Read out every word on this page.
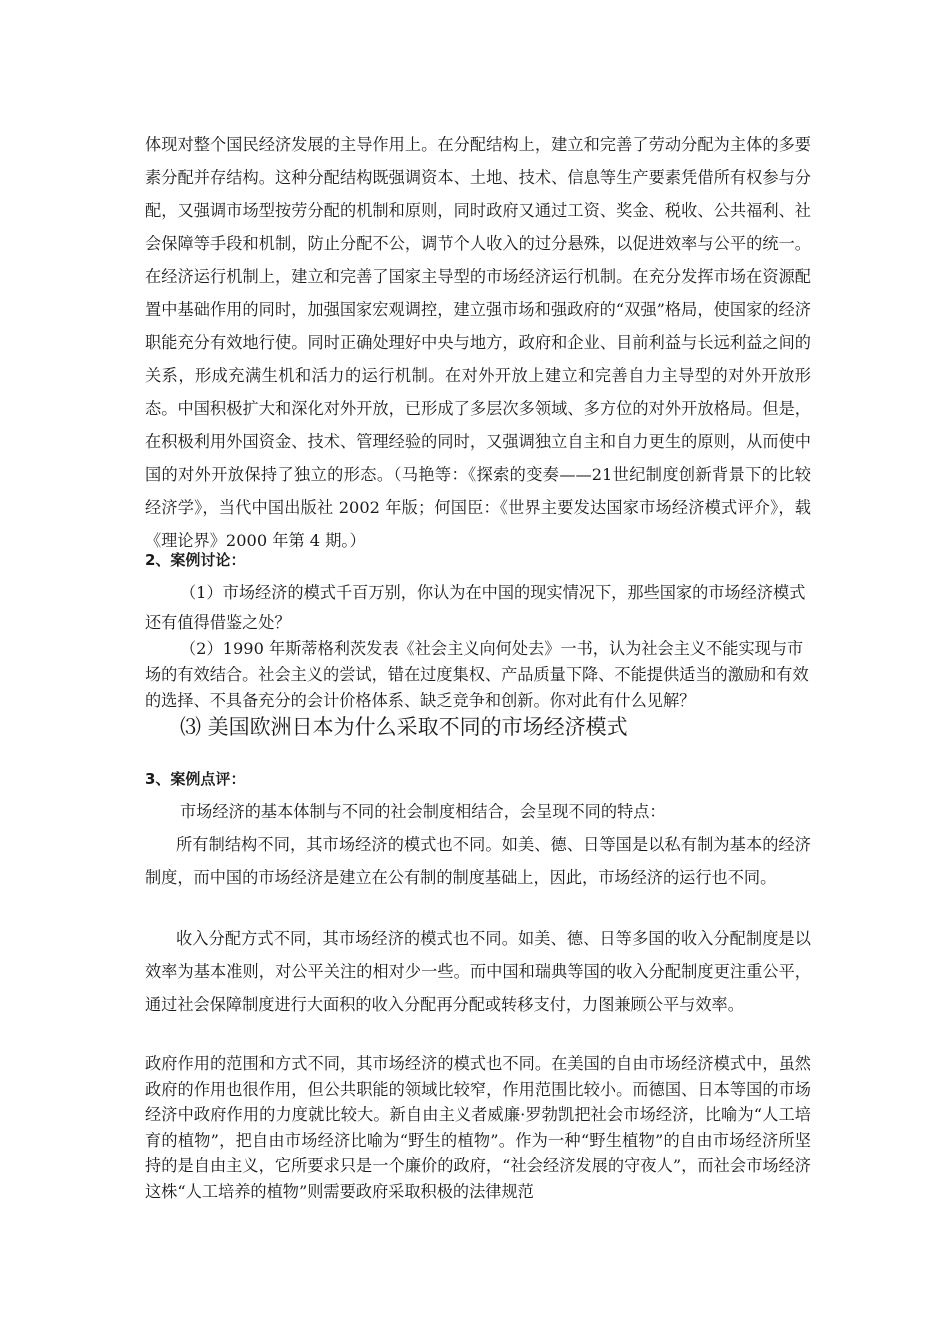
体现对整个国民经济发展的主导作用上。在分配结构上，建立和完善了劳动分配为主体的多要素分配并存结构。这种分配结构既强调资本、土地、技术、信息等生产要素凭借所有权参与分配，又强调市场型按劳分配的机制和原则，同时政府又通过工资、奖金、税收、公共福利、社会保障等手段和机制，防止分配不公，调节个人收入的过分悬殊，以促进效率与公平的统一。在经济运行机制上，建立和完善了国家主导型的市场经济运行机制。在充分发挥市场在资源配置中基础作用的同时，加强国家宏观调控，建立强市场和强政府的“双强”格局，使国家的经济职能充分有效地行使。同时正确处理好中央与地方，政府和企业、目前利益与长远利益之间的关系，形成充满生机和活力的运行机制。在对外开放上建立和完善自力主导型的对外开放形态。中国积极扩大和深化对外开放，已形成了多层次多领域、多方位的对外开放格局。但是，在积极利用外国资金、技术、管理经验的同时，又强调独立自主和自力更生的原则，从而使中国的对外开放保持了独立的形态。（马艳等：《探索的变奏——21世纪制度创新背景下的比较经济学》，当代中国出版社 2002 年版；何国臣：《世界主要发达国家市场经济模式评介》，载《理论界》2000 年第 4 期。）

2、案例讨论：

（1）市场经济的模式千百万别，你认为在中国的现实情况下，那些国家的市场经济模式还有值得借鉴之处？

（2）1990 年斯蒂格利茨发表《社会主义向何处去》一书，认为社会主义不能实现与市场的有效结合。社会主义的尝试，错在过度集权、产品质量下降、不能提供适当的激励和有效的选择、不具备充分的会计价格体系、缺乏竞争和创新。你对此有什么见解？

⑶ 美国欧洲日本为什么采取不同的市场经济模式

3、案例点评：

市场经济的基本体制与不同的社会制度相结合，会呈现不同的特点：

所有制结构不同，其市场经济的模式也不同。如美、德、日等国是以私有制为基本的经济制度，而中国的市场经济是建立在公有制的制度基础上，因此，市场经济的运行也不同。

收入分配方式不同，其市场经济的模式也不同。如美、德、日等多国的收入分配制度是以效率为基本准则，对公平关注的相对少一些。而中国和瑞典等国的收入分配制度更注重公平，通过社会保障制度进行大面积的收入分配再分配或转移支付，力图兼顾公平与效率。

政府作用的范围和方式不同，其市场经济的模式也不同。在美国的自由市场经济模式中，虽然政府的作用也很作用，但公共职能的领域比较窄，作用范围比较小。而德国、日本等国的市场经济中政府作用的力度就比较大。新自由主义者威廉·罗勃凯把社会市场经济，比喻为“人工培育的植物”，把自由市场经济比喻为“野生的植物”。作为一种“野生植物”的自由市场经济所坚持的是自由主义，它所要求只是一个廉价的政府，“社会经济发展的守夜人”，而社会市场经济这株“人工培养的植物”则需要政府采取积极的法律规范
